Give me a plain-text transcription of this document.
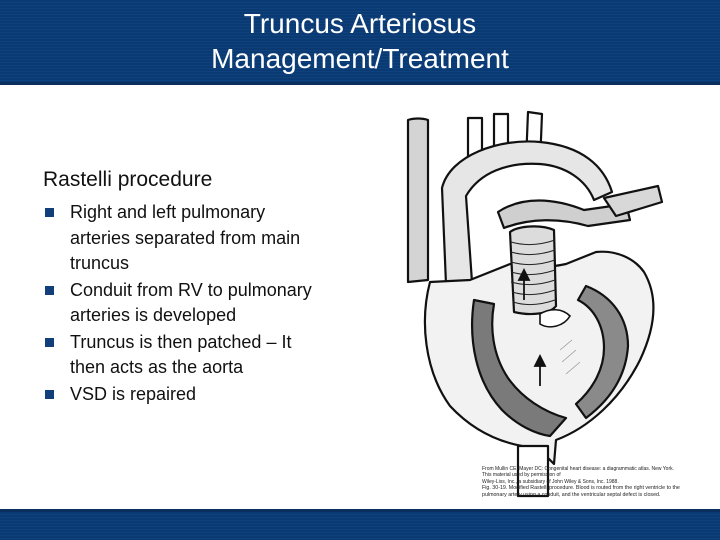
Truncus Arteriosus
Management/Treatment
Rastelli procedure
Right and left pulmonary
arteries separated from main
truncus
Conduit from RV to pulmonary
arteries is developed
Truncus is then patched – It
then acts as the aorta
VSD is repaired
From Mullin CE, Mayer DC: Congenital heart disease: a diagrammatic atlas. New York. This material used by permission of
Wiley-Liss, Inc., a subsidiary of John Wiley & Sons, Inc. 1988.
Fig. 30-19. Modified Rastelli procedure. Blood is routed from the right ventricle to the
pulmonary artery using a conduit, and the ventricular septal defect is closed.
